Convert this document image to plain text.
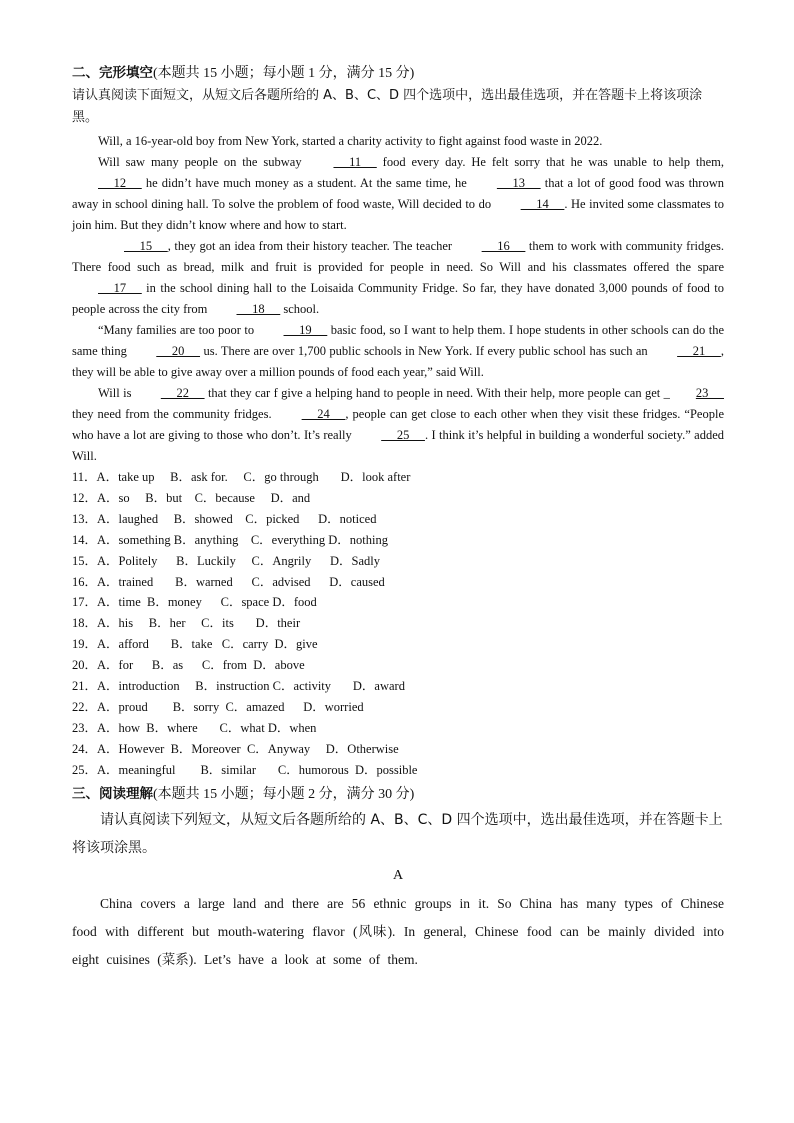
二、完形填空(本题共 15 小题；每小题 1 分，满分 15 分)

请认真阅读下面短文，从短文后各题所给的 A、B、C、D 四个选项中，选出最佳选项，并在答题卡上将该项涂黑。

Will, a 16-year-old boy from New York, started a charity activity to fight against food waste in 2022.

Will saw many people on the subway      11      food every day. He felt sorry that he was unable to help them,      12      he didn’t have much money as a student. At the same time, he      13      that a lot of good food was thrown away in school dining hall. To solve the problem of food waste, Will decided to do      14     . He invited some classmates to join him. But they didn’t know where and how to start.

15     , they got an idea from their history teacher. The teacher      16      them to work with community fridges. There food such as bread, milk and fruit is provided for people in need. So Will and his classmates offered the spare      17      in the school dining hall to the Loisaida Community Fridge. So far, they have donated 3,000 pounds of food to people across the city from      18      school.

“Many families are too poor to      19      basic food, so I want to help them. I hope students in other schools can do the same thing      20      us. There are over 1,700 public schools in New York. If every public school has such an      21     , they will be able to give away over a million pounds of food each year,” said Will.

Will is      22      that they car f give a helping hand to people in need. With their help, more people can get _ 23      they need from the community fridges.      24     , people can get close to each other when they visit these fridges. “People who have a lot are giving to those who don’t. It’s really      25     . I think it’s helpful in building a wonderful society.” added Will.

11．A．take up     B．ask for.     C．go through       D．look after
12．A．so     B．but    C．because     D．and
13．A．laughed     B．showed    C．picked      D．noticed
14．A．something B．anything    C．everything D．nothing
15．A．Politely      B．Luckily     C．Angrily      D．Sadly
16．A．trained       B．warned      C．advised      D．caused
17．A．time  B．money      C．space D．food
18．A．his     B．her     C．its       D．their
19．A．afford       B．take   C．carry  D．give
20．A．for      B．as      C．from  D．above
21．A．introduction     B．instruction C．activity       D．award
22．A．proud        B．sorry  C．amazed      D．worried
23．A．how  B．where       C．what D．when
24．A．However  B．Moreover  C．Anyway     D．Otherwise
25．A．meaningful        B．similar       C．humorous  D．possible

三、阅读理解(本题共 15 小题；每小题 2 分，满分 30 分)

请认真阅读下列短文，从短文后各题所给的 A、B、C、D 四个选项中，选出最佳选项，并在答题卡上将该项涂黑。

A

China covers a large land and there are 56 ethnic groups in it. So China has many types of Chinese food with different but mouth-watering flavor (风味). In general, Chinese food can be mainly divided into eight cuisines (菜系). Let’s have a look at some of them.
